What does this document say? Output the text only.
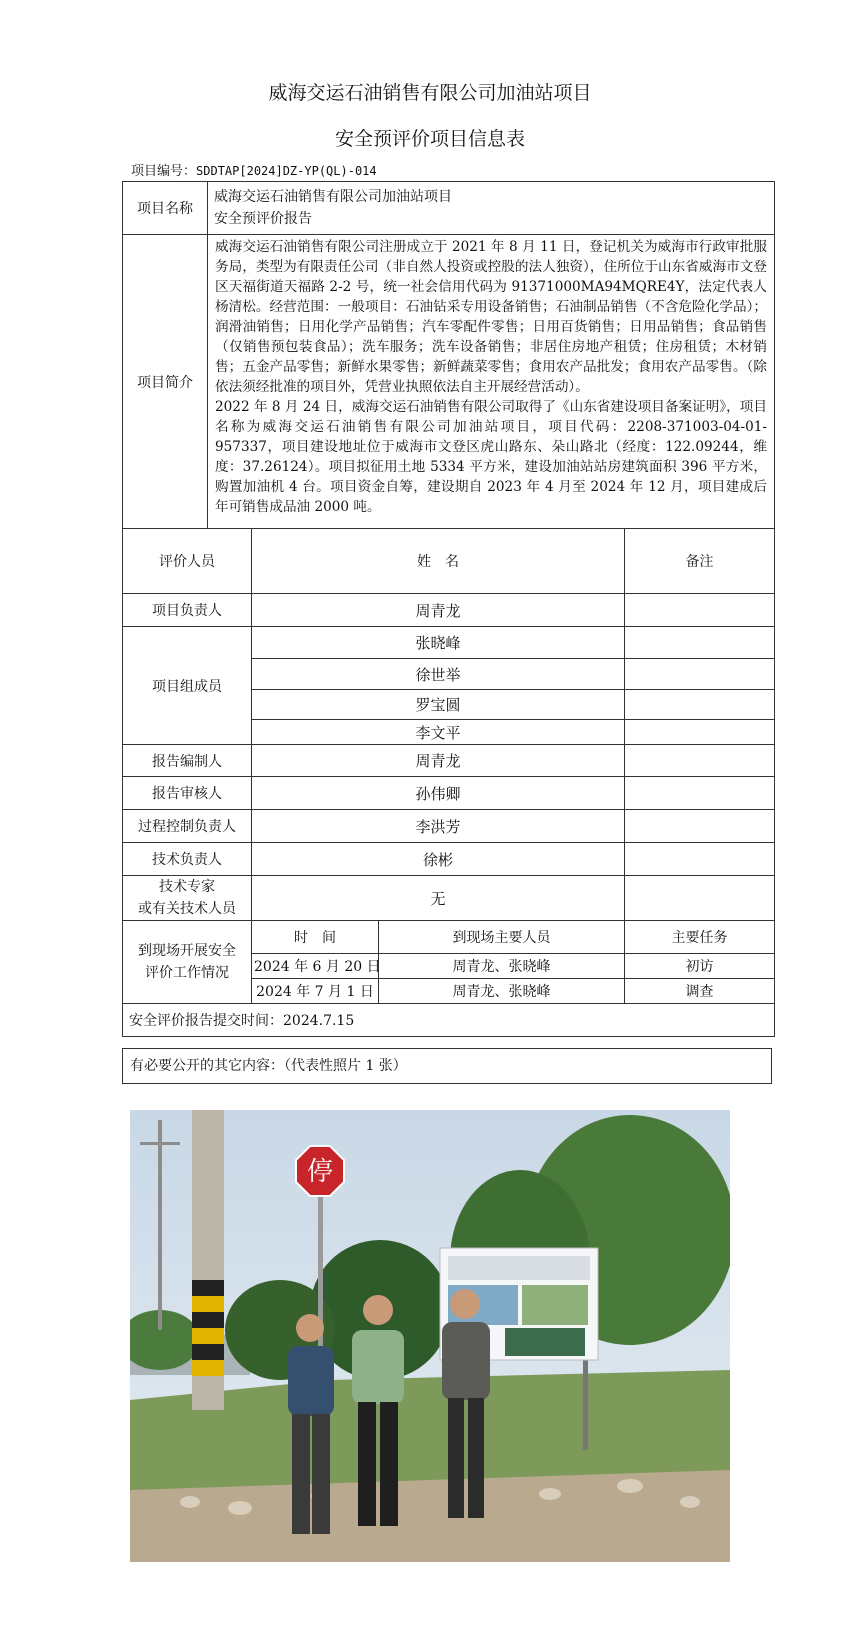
威海交运石油销售有限公司加油站项目
安全预评价项目信息表
项目编号：SDDTAP[2024]DZ-YP(QL)-014
项目名称	威海交运石油销售有限公司加油站项目
安全预评价报告			

项目简介	威海交运石油销售有限公司注册成立于 2021 年 8 月 11 日，登记机关为威海市行政审批服务局，类型为有限责任公司（非自然人投资或控股的法人独资），住所位于山东省威海市文登区天福街道天福路 2-2 号，统一社会信用代码为 91371000MA94MQRE4Y，法定代表人杨清松。经营范围：一般项目：石油钻采专用设备销售；石油制品销售（不含危险化学品）；润滑油销售；日用化学产品销售；汽车零配件零售；日用百货销售；日用品销售；食品销售（仅销售预包装食品）；洗车服务；洗车设备销售；非居住房地产租赁；住房租赁；木材销售；五金产品零售；新鲜水果零售；新鲜蔬菜零售；食用农产品批发；食用农产品零售。（除依法须经批准的项目外，凭营业执照依法自主开展经营活动）。

2022 年 8 月 24 日，威海交运石油销售有限公司取得了《山东省建设项目备案证明》，项目名称为威海交运石油销售有限公司加油站项目，项目代码：2208-371003-04-01-957337，项目建设地址位于威海市文登区虎山路东、朵山路北（经度：122.09244，维度：37.26124）。项目拟征用土地 5334 平方米，建设加油站站房建筑面积 396 平方米，购置加油机 4 台。项目资金自筹，建设期自 2023 年 4 月至 2024 年 12 月，项目建成后年可销售成品油 2000 吨。			

评价人员		姓　名		备注
项目负责人		周青龙		
项目组成员		张晓峰		
		徐世举		
		罗宝圆		
		李文平		
报告编制人		周青龙		
报告审核人		孙伟卿		
过程控制负责人		李洪芳		
技术负责人		徐彬		

技术专家
或有关技术人员		无		

到现场开展安全
评价工作情况		时　间	到现场主要人员	主要任务
		2024 年 6 月 20 日	周青龙、张晓峰	初访
		2024 年 7 月 1 日	周青龙、张晓峰	调查
安全评价报告提交时间：2024.7.15				
有必要公开的其它内容：（代表性照片 1 张）
停
